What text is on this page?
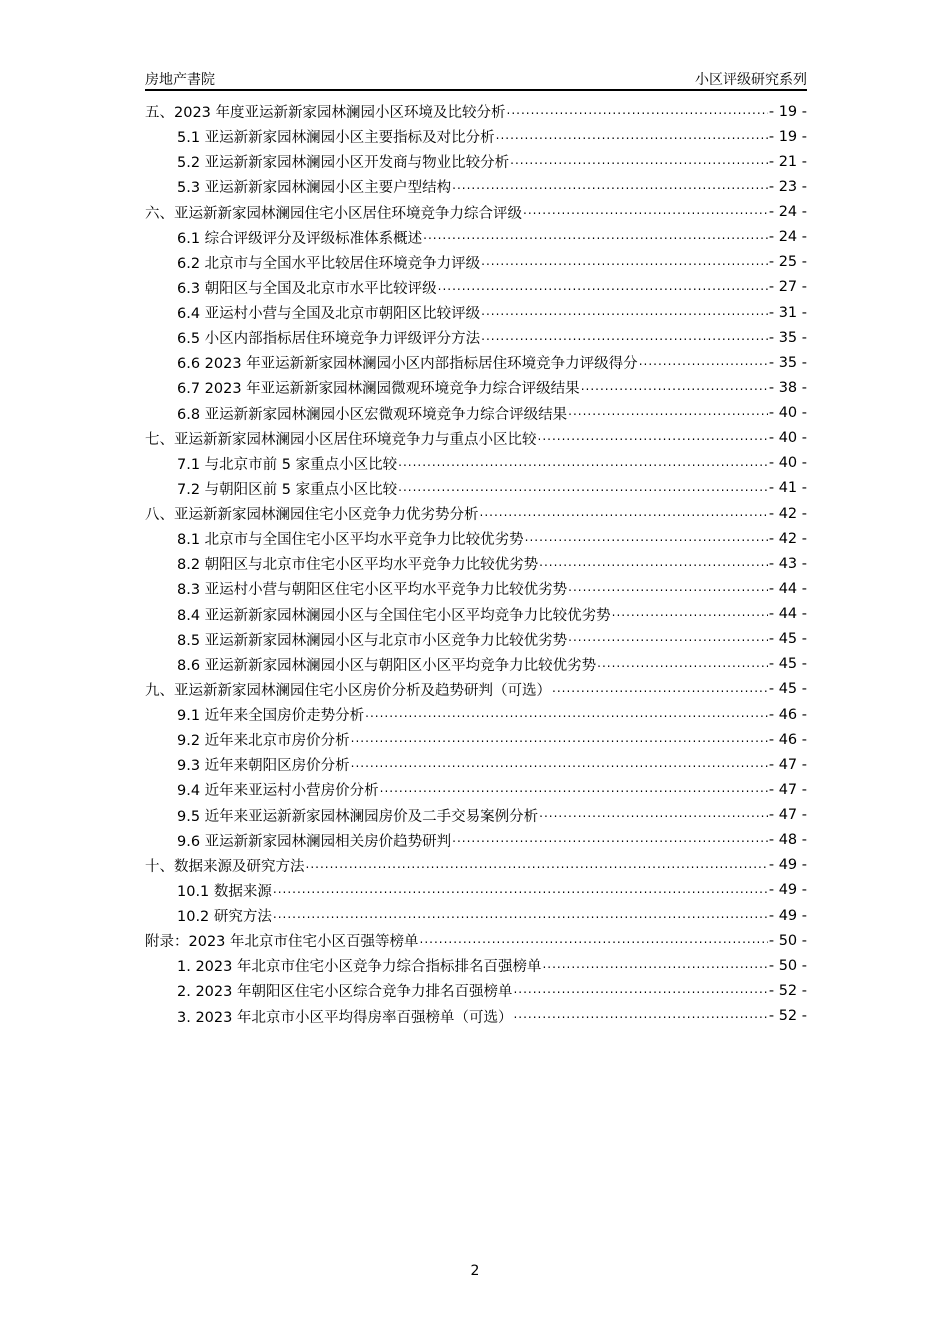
房地产書院	小区评级研究系列
五、2023 年度亚运新新家园林澜园小区环境及比较分析 .....	- 19 -
5.1 亚运新新家园林澜园小区主要指标及对比分析 .....	- 19 -
5.2 亚运新新家园林澜园小区开发商与物业比较分析 .....	- 21 -
5.3 亚运新新家园林澜园小区主要户型结构 .....	- 23 -
六、亚运新新家园林澜园住宅小区居住环境竞争力综合评级 .....	- 24 -
6.1 综合评级评分及评级标准体系概述 .....	- 24 -
6.2 北京市与全国水平比较居住环境竞争力评级 .....	- 25 -
6.3 朝阳区与全国及北京市水平比较评级 .....	- 27 -
6.4 亚运村小营与全国及北京市朝阳区比较评级 .....	- 31 -
6.5 小区内部指标居住环境竞争力评级评分方法 .....	- 35 -
6.6 2023 年亚运新新家园林澜园小区内部指标居住环境竞争力评级得分 .....	- 35 -
6.7 2023 年亚运新新家园林澜园微观环境竞争力综合评级结果 .....	- 38 -
6.8 亚运新新家园林澜园小区宏微观环境竞争力综合评级结果 .....	- 40 -
七、亚运新新家园林澜园小区居住环境竞争力与重点小区比较 .....	- 40 -
7.1 与北京市前 5 家重点小区比较 .....	- 40 -
7.2 与朝阳区前 5 家重点小区比较 .....	- 41 -
八、亚运新新家园林澜园住宅小区竞争力优劣势分析 .....	- 42 -
8.1 北京市与全国住宅小区平均水平竞争力比较优劣势 .....	- 42 -
8.2 朝阳区与北京市住宅小区平均水平竞争力比较优劣势 .....	- 43 -
8.3 亚运村小营与朝阳区住宅小区平均水平竞争力比较优劣势 .....	- 44 -
8.4 亚运新新家园林澜园小区与全国住宅小区平均竞争力比较优劣势 .....	- 44 -
8.5 亚运新新家园林澜园小区与北京市小区竞争力比较优劣势 .....	- 45 -
8.6 亚运新新家园林澜园小区与朝阳区小区平均竞争力比较优劣势 .....	- 45 -
九、亚运新新家园林澜园住宅小区房价分析及趋势研判（可选） .....	- 45 -
9.1 近年来全国房价走势分析 .....	- 46 -
9.2 近年来北京市房价分析 .....	- 46 -
9.3 近年来朝阳区房价分析 .....	- 47 -
9.4 近年来亚运村小营房价分析 .....	- 47 -
9.5 近年来亚运新新家园林澜园房价及二手交易案例分析 .....	- 47 -
9.6 亚运新新家园林澜园相关房价趋势研判 .....	- 48 -
十、数据来源及研究方法 .....	- 49 -
10.1 数据来源 .....	- 49 -
10.2 研究方法 .....	- 49 -
附录：2023 年北京市住宅小区百强等榜单 .....	- 50 -
1. 2023 年北京市住宅小区竞争力综合指标排名百强榜单 .....	- 50 -
2. 2023 年朝阳区住宅小区综合竞争力排名百强榜单 .....	- 52 -
3. 2023 年北京市小区平均得房率百强榜单（可选） .....	- 52 -
2
